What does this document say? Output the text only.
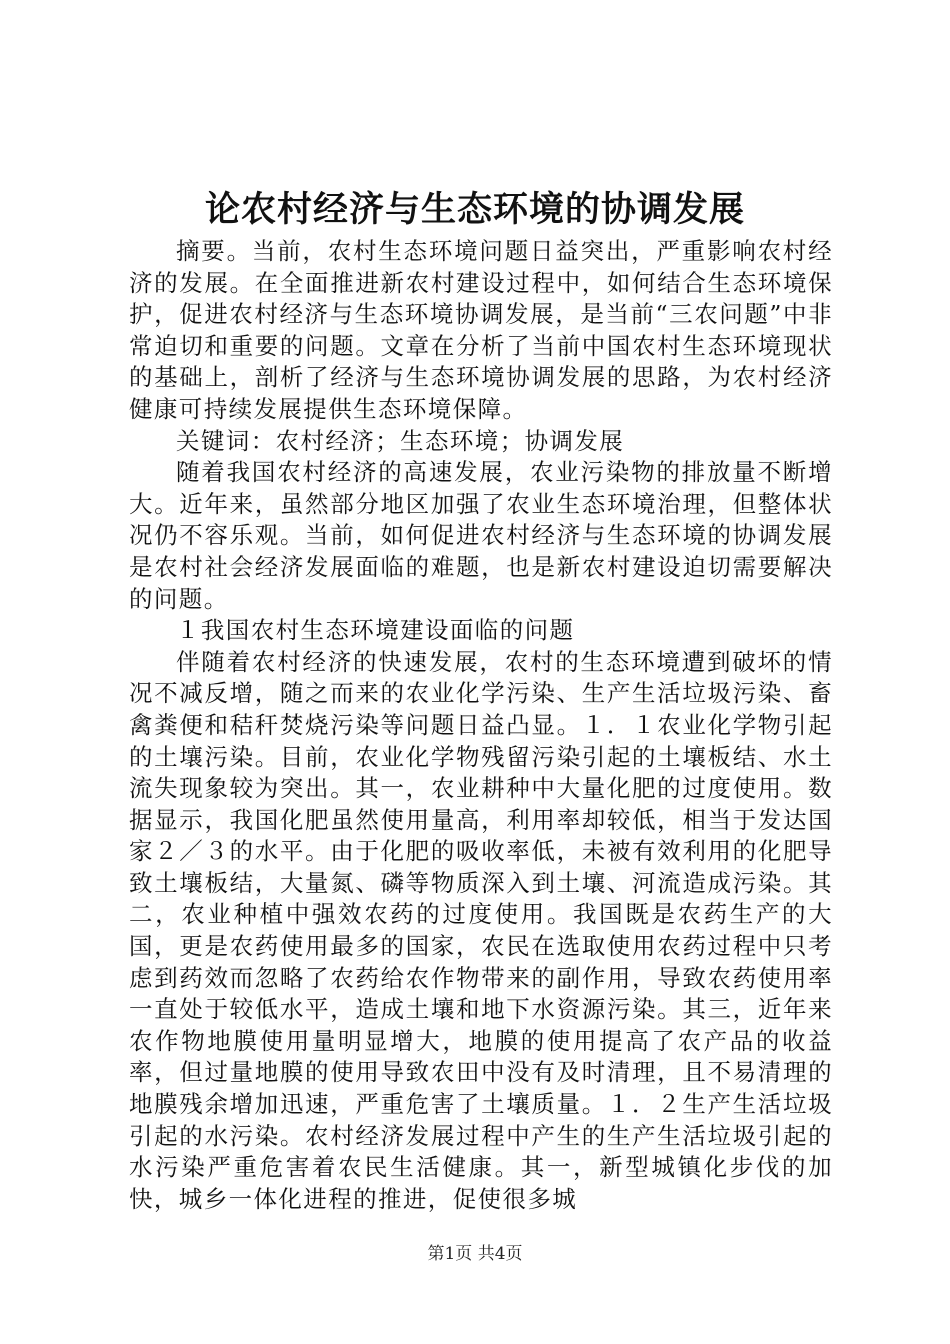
论农村经济与生态环境的协调发展

摘要。当前，农村生态环境问题日益突出，严重影响农村经济的发展。在全面推进新农村建设过程中，如何结合生态环境保护，促进农村经济与生态环境协调发展，是当前“三农问题”中非常迫切和重要的问题。文章在分析了当前中国农村生态环境现状的基础上，剖析了经济与生态环境协调发展的思路，为农村经济健康可持续发展提供生态环境保障。

关键词：农村经济；生态环境；协调发展

随着我国农村经济的高速发展，农业污染物的排放量不断增大。近年来，虽然部分地区加强了农业生态环境治理，但整体状况仍不容乐观。当前，如何促进农村经济与生态环境的协调发展是农村社会经济发展面临的难题，也是新农村建设迫切需要解决的问题。

１我国农村生态环境建设面临的问题

伴随着农村经济的快速发展，农村的生态环境遭到破坏的情况不减反增，随之而来的农业化学污染、生产生活垃圾污染、畜禽粪便和秸秆焚烧污染等问题日益凸显。１．１农业化学物引起的土壤污染。目前，农业化学物残留污染引起的土壤板结、水土流失现象较为突出。其一，农业耕种中大量化肥的过度使用。数据显示，我国化肥虽然使用量高，利用率却较低，相当于发达国家２／３的水平。由于化肥的吸收率低，未被有效利用的化肥导致土壤板结，大量氮、磷等物质深入到土壤、河流造成污染。其二，农业种植中强效农药的过度使用。我国既是农药生产的大国，更是农药使用最多的国家，农民在选取使用农药过程中只考虑到药效而忽略了农药给农作物带来的副作用，导致农药使用率一直处于较低水平，造成土壤和地下水资源污染。其三，近年来农作物地膜使用量明显增大，地膜的使用提高了农产品的收益率，但过量地膜的使用导致农田中没有及时清理，且不易清理的地膜残余增加迅速，严重危害了土壤质量。１．２生产生活垃圾引起的水污染。农村经济发展过程中产生的生产生活垃圾引起的水污染严重危害着农民生活健康。其一，新型城镇化步伐的加快，城乡一体化进程的推进，促使很多城

第1页 共4页
